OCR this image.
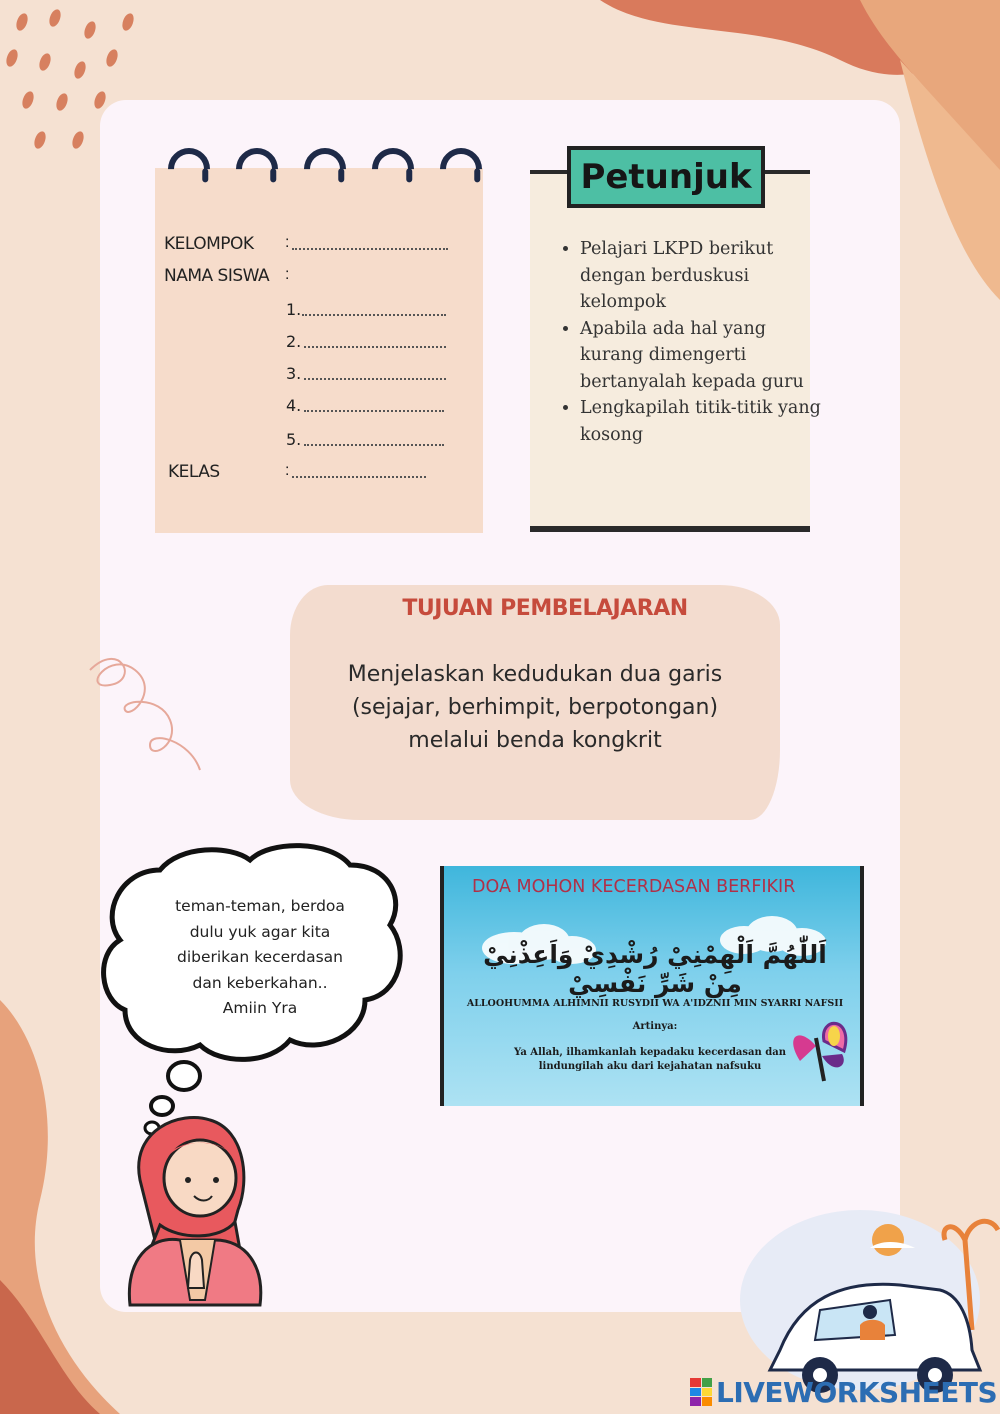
KELOMPOK :
NAMA SISWA :
1.
2.
3.
4.
5.
KELAS	:
Petunjuk
• Pelajari LKPD berikut dengan berduskusi kelompok
• Apabila ada hal yang kurang dimengerti bertanyalah kepada guru
• Lengkapilah titik-titik yang kosong
TUJUAN PEMBELAJARAN
Menjelaskan kedudukan dua garis
(sejajar, berhimpit, berpotongan)
melalui benda kongkrit
teman-teman, berdoa
dulu yuk agar kita
diberikan kecerdasan
dan keberkahan..
Amiin Yra
DOA MOHON KECERDASAN BERFIKIR
اَللّٰهُمَّ اَلْهِمْنِيْ رُشْدِيْ وَاَعِذْنِيْ مِنْ شَرِّ نَفْسِيْ
ALLOOHUMMA ALHIMNII RUSYDII WA A'IDZNII MIN SYARRI NAFSII
Artinya:
Ya Allah, ilhamkanlah kepadaku kecerdasan dan
lindungilah aku dari kejahatan nafsuku
LIVEWORKSHEETS
